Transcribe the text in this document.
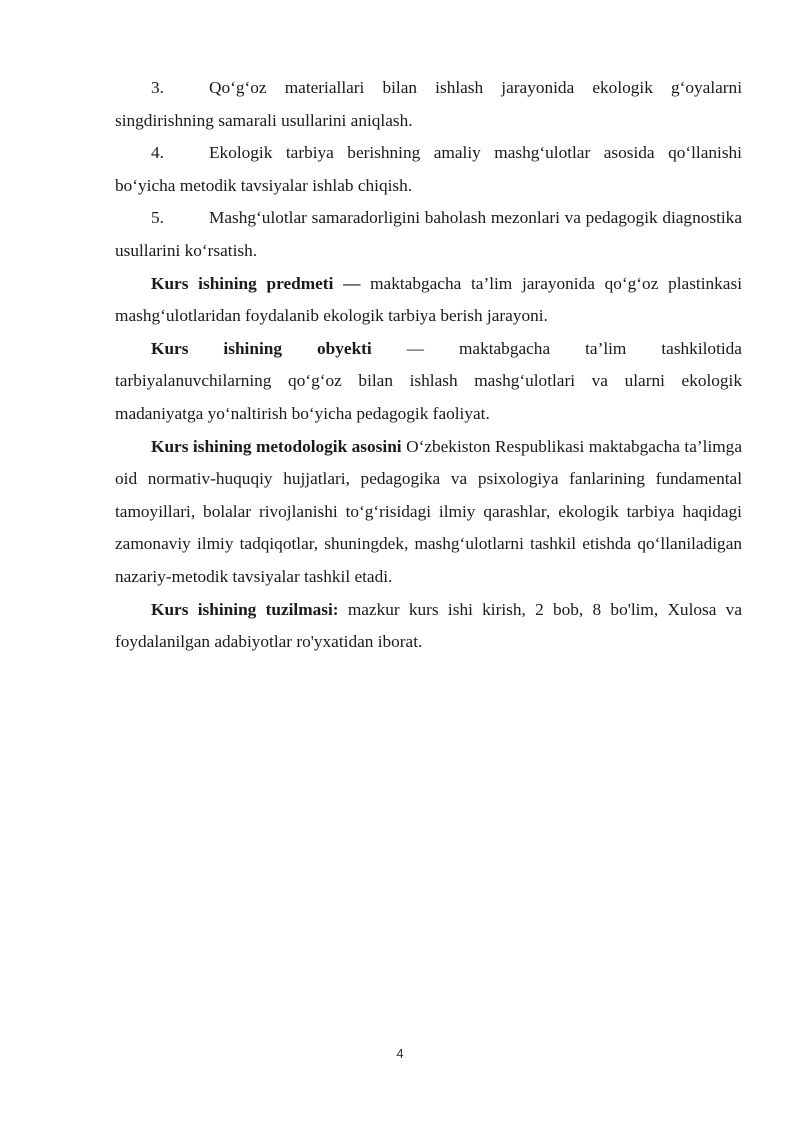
3.	Qo‘g‘oz materiallari bilan ishlash jarayonida ekologik g‘oyalarni singdirishning samarali usullarini aniqlash.

4.	Ekologik tarbiya berishning amaliy mashg‘ulotlar asosida qo‘llanishi bo‘yicha metodik tavsiyalar ishlab chiqish.

5.	Mashg‘ulotlar samaradorligini baholash mezonlari va pedagogik diagnostika usullarini ko‘rsatish.

Kurs ishining predmeti — maktabgacha ta’lim jarayonida qo‘g‘oz plastinkasi mashg‘ulotlaridan foydalanib ekologik tarbiya berish jarayoni.

Kurs ishining obyekti — maktabgacha ta’lim tashkilotida

tarbiyalanuvchilarning qo‘g‘oz bilan ishlash mashg‘ulotlari va ularni ekologik madaniyatga yo‘naltirish bo‘yicha pedagogik faoliyat.

Kurs ishining metodologik asosini O‘zbekiston Respublikasi maktabgacha ta’limga oid normativ-huquqiy hujjatlari, pedagogika va psixologiya fanlarining fundamental tamoyillari, bolalar rivojlanishi to‘g‘risidagi ilmiy qarashlar, ekologik tarbiya haqidagi zamonaviy ilmiy tadqiqotlar, shuningdek, mashg‘ulotlarni tashkil etishda qo‘llaniladigan nazariy-metodik tavsiyalar tashkil etadi.

Kurs ishining tuzilmasi: mazkur kurs ishi kirish, 2 bob, 8 bo'lim, Xulosa va foydalanilgan adabiyotlar ro'yxatidan iborat.

4
